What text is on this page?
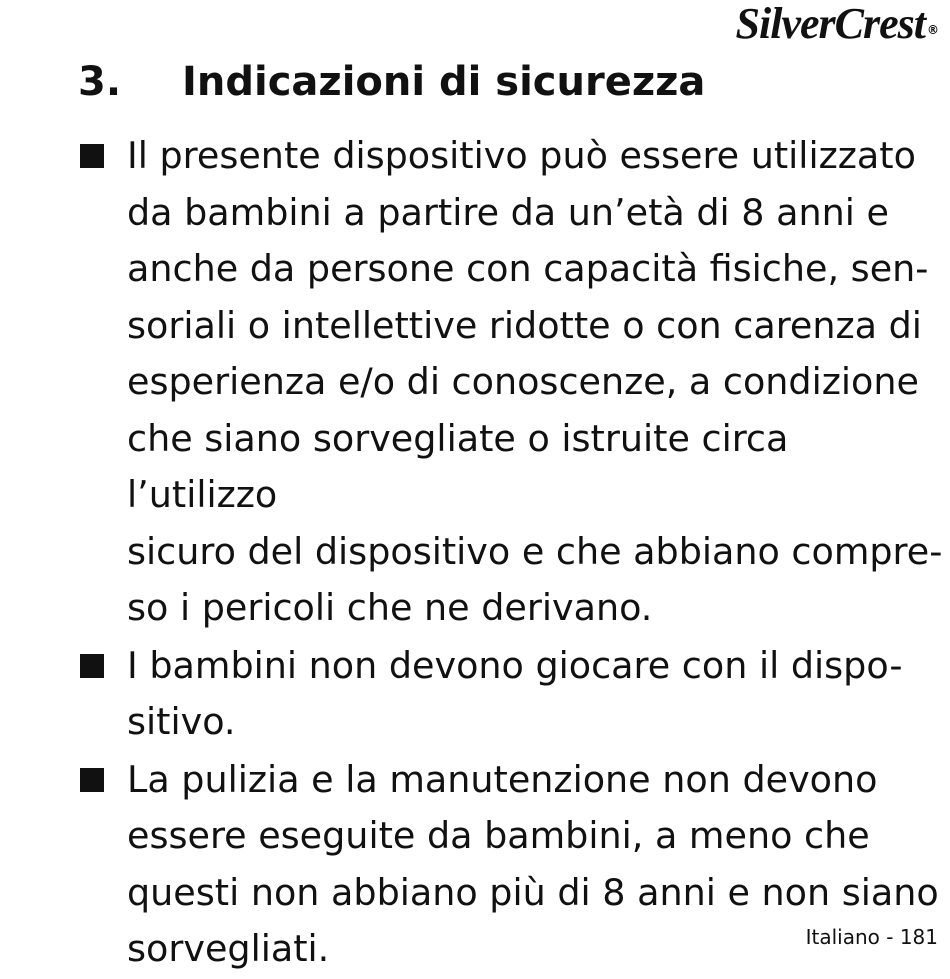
SilverCrest ®
3. Indicazioni di sicurezza
Il presente dispositivo può essere utilizzato
da bambini a partire da un’età di 8 anni e
anche da persone con capacità fisiche, sen-
soriali o intellettive ridotte o con carenza di
esperienza e/o di conoscenze, a condizione
che siano sorvegliate o istruite circa l’utilizzo
sicuro del dispositivo e che abbiano compre-
so i pericoli che ne derivano.
I bambini non devono giocare con il dispo-
sitivo.
La pulizia e la manutenzione non devono
essere eseguite da bambini, a meno che
questi non abbiano più di 8 anni e non siano
sorvegliati.	Italiano - 181
